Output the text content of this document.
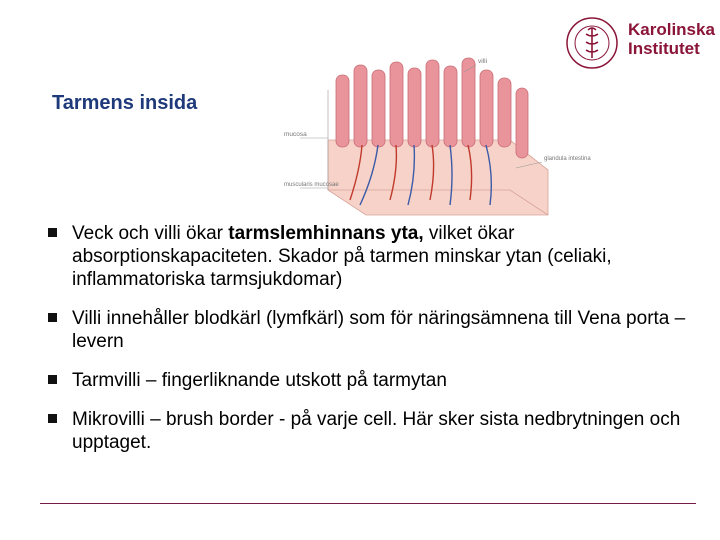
Karolinska
Institutet
Tarmens insida
mucosa
muscularis mucosae
glandula intestina
villi
Veck och villi ökar tarmslemhinnans yta, vilket ökar absorptionskapaciteten. Skador på tarmen minskar ytan (celiaki, inflammatoriska tarmsjukdomar)
Villi innehåller blodkärl (lymfkärl) som för näringsämnena till Vena porta – levern
Tarmvilli – fingerliknande utskott på tarmytan
Mikrovilli – brush border - på varje cell. Här sker sista nedbrytningen och upptaget.
